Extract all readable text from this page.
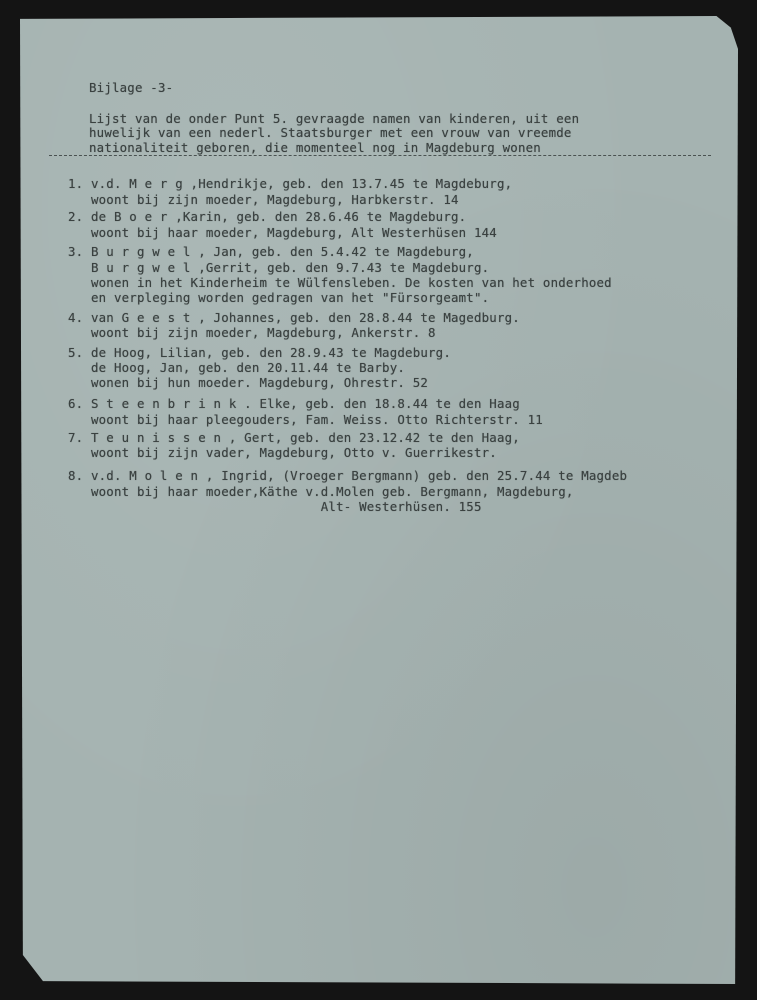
Bijlage -3-
Lijst van de onder Punt 5. gevraagde namen van kinderen, uit een
huwelijk van een nederl. Staatsburger met een vrouw van vreemde
nationaliteit geboren, die momenteel nog in Magdeburg wonen
1. v.d. M e r g ,Hendrikje, geb. den 13.7.45 te Magdeburg,
woont bij zijn moeder, Magdeburg, Harbkerstr. 14
2. de B o e r ,Karin, geb. den 28.6.46 te Magdeburg.
woont bij haar moeder, Magdeburg, Alt Westerhüsen 144
3. B u r g w e l , Jan, geb. den 5.4.42 te Magdeburg,
B u r g w e l ,Gerrit, geb. den 9.7.43 te Magdeburg.
wonen in het Kinderheim te Wülfensleben. De kosten van het onderhoed
en verpleging worden gedragen van het "Fürsorgeamt".
4. van G e e s t , Johannes, geb. den 28.8.44 te Magedburg.
woont bij zijn moeder, Magdeburg, Ankerstr. 8
5. de Hoog, Lilian, geb. den 28.9.43 te Magdeburg.
de Hoog, Jan, geb. den 20.11.44 te Barby.
wonen bij hun moeder. Magdeburg, Ohrestr. 52
6. S t e e n b r i n k . Elke, geb. den 18.8.44 te den Haag
woont bij haar pleegouders, Fam. Weiss. Otto Richterstr. 11
7. T e u n i s s e n , Gert, geb. den 23.12.42 te den Haag,
woont bij zijn vader, Magdeburg, Otto v. Guerrikestr.
8. v.d. M o l e n , Ingrid, (Vroeger Bergmann) geb. den 25.7.44 te Magdeb
woont bij haar moeder,Käthe v.d.Molen geb. Bergmann, Magdeburg,
Alt- Westerhüsen. 155
